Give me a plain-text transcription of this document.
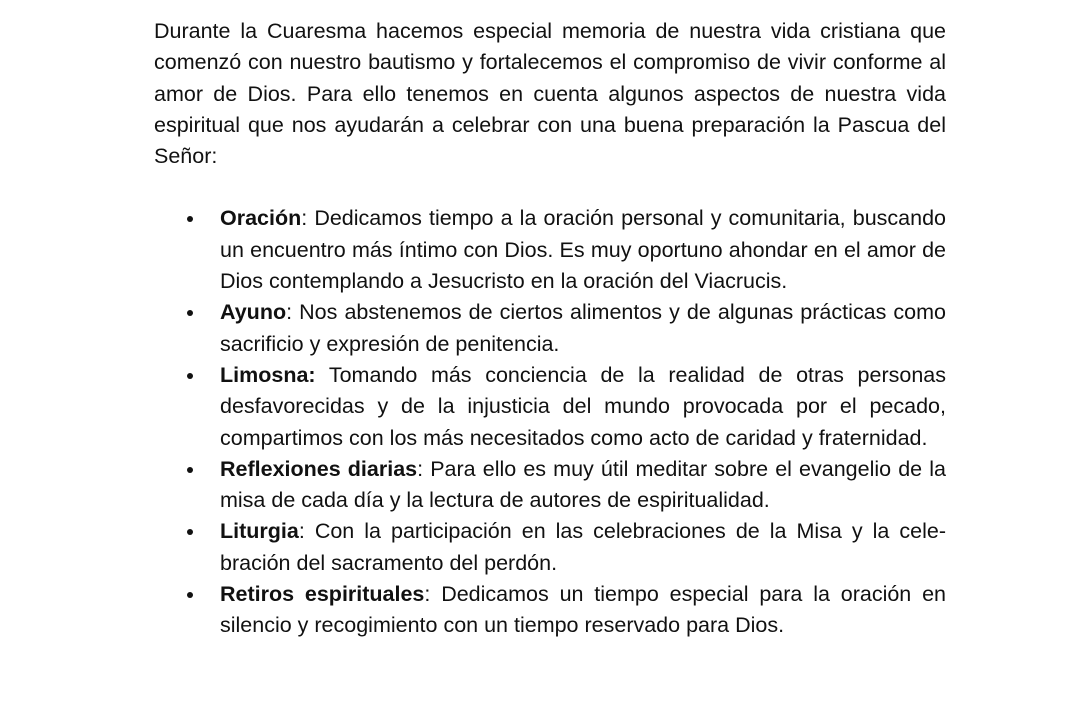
Durante la Cuaresma hacemos especial memoria de nuestra vida cristiana que comenzó con nuestro bautismo y fortalecemos el compromiso de vivir conforme al amor de Dios. Para ello tenemos en cuenta algunos aspectos de nuestra vida espiritual que nos ayudarán a celebrar con una buena preparación la Pascua del Señor:

Oración: Dedicamos tiempo a la oración personal y comunitaria, buscando un encuentro más íntimo con Dios. Es muy oportuno ahondar en el amor de Dios contemplando a Jesucristo en la oración del Viacrucis.
Ayuno: Nos abstenemos de ciertos alimentos y de algunas prácticas como sacrificio y expresión de penitencia.
Limosna: Tomando más conciencia de la realidad de otras personas desfavorecidas y de la injusticia del mundo provocada por el pecado, compartimos con los más necesitados como acto de caridad y fraternidad.
Reflexiones diarias: Para ello es muy útil meditar sobre el evangelio de la misa de cada día y la lectura de autores de espiritualidad.
Liturgia: Con la participación en las celebraciones de la Misa y la celebración del sacramento del perdón.
Retiros espirituales: Dedicamos un tiempo especial para la oración en silencio y recogimiento con un tiempo reservado para Dios.
